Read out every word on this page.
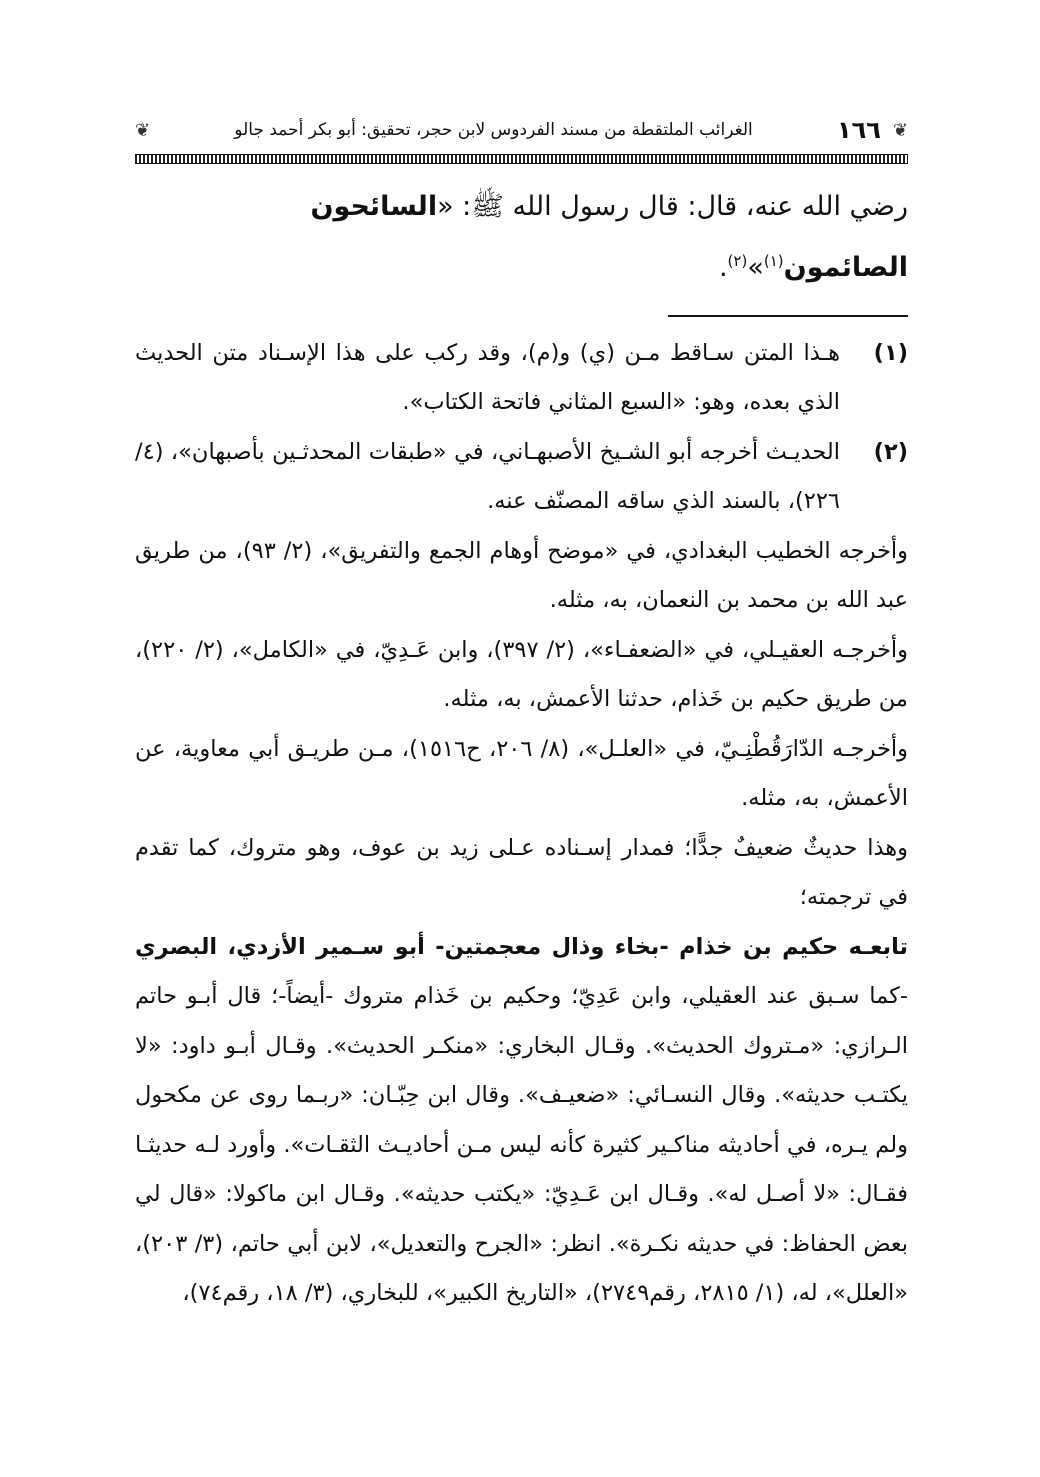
❦
١٦٦
الغرائب الملتقطة من مسند الفردوس لابن حجر، تحقيق: أبو بكر أحمد جالو
❦
رضي الله عنه، قال: قال رسول الله ﷺ: «السائحون الصائمون$^{(١)}$»$^{(٢)}$.
(١)

هـذا المتن سـاقط مـن (ي) و(م)، وقد ركب على هذا الإسـناد متن الحديث الذي بعده، وهو: «السبع المثاني فاتحة الكتاب».

(٢)

الحديـث أخرجه أبو الشـيخ الأصبهـاني، في «طبقات المحدثـين بأصبهان»، (٤/ ٢٢٦)، بالسند الذي ساقه المصنّف عنه.

وأخرجه الخطيب البغدادي، في «موضح أوهام الجمع والتفريق»، (٢/ ٩٣)، من طريق عبد الله بن محمد بن النعمان، به، مثله.

وأخرجـه العقيـلي، في «الضعفـاء»، (٢/ ٣٩٧)، وابن عَـدِيّ، في «الكامل»، (٢/ ٢٢٠)، من طريق حكيم بن خَذام، حدثنا الأعمش، به، مثله.

وأخرجـه الدّارَقُطْنِـيّ، في «العلـل»، (٨/ ٢٠٦، ح١٥١٦)، مـن طريـق أبي معاوية، عن الأعمش، به، مثله.

وهذا حديثٌ ضعيفٌ جدًّا؛ فمدار إسـناده عـلى زيد بن عوف، وهو متروك، كما تقدم في ترجمته؛

تابعـه حكيم بن خذام -بخاء وذال معجمتين- أبو سـمير الأزدي، البصري -كما سـبق عند العقيلي، وابن عَدِيّ؛ وحكيم بن خَذام متروك -أيضاً-؛ قال أبـو حاتم الـرازي: «مـتروك الحديث». وقـال البخاري: «منكـر الحديث». وقـال أبـو داود: «لا يكتـب حديثه». وقال النسـائي: «ضعيـف». وقال ابن حِبّـان: «ربـما روى عن مكحول ولم يـره، في أحاديثه مناكـير كثيرة كأنه ليس مـن أحاديـث الثقـات». وأورد لـه حديثـا فقـال: «لا أصـل له». وقـال ابن عَـدِيّ: «يكتب حديثه». وقـال ابن ماكولا: «قال لي بعض الحفاظ: في حديثه نكـرة». انظر: «الجرح والتعديل»، لابن أبي حاتم، (٣/ ٢٠٣)، «العلل»، له، (١/ ٢٨١٥، رقم٢٧٤٩)، «التاريخ الكبير»، للبخاري، (٣/ ١٨، رقم٧٤)،
